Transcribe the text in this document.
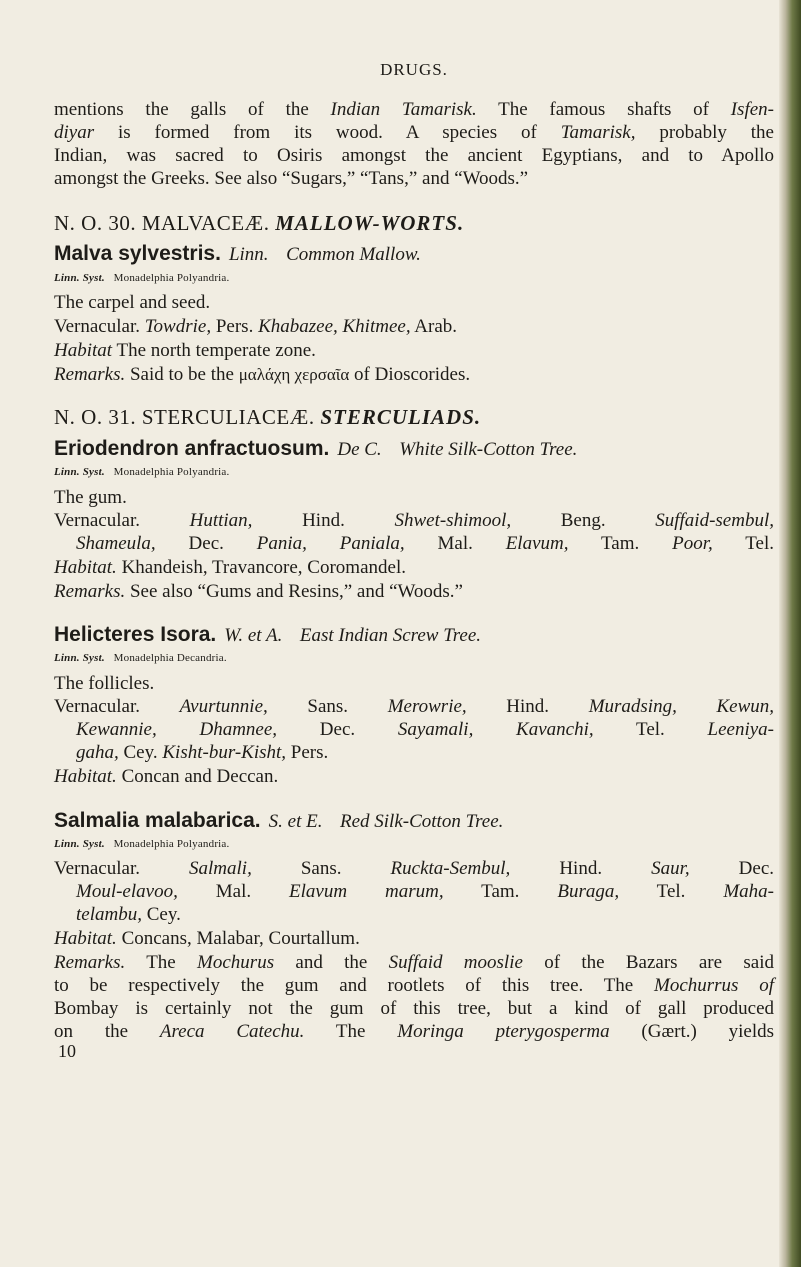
DRUGS.
mentions the galls of the Indian Tamarisk. The famous shafts of Isfen-
diyar is formed from its wood. A species of Tamarisk, probably the
Indian, was sacred to Osiris amongst the ancient Egyptians, and to Apollo
amongst the Greeks. See also “Sugars,” “Tans,” and “Woods.”
N. O. 30. MALVACEÆ. MALLOW-WORTS.
Malva sylvestris. Linn. Common Mallow.
Linn. Syst. Monadelphia Polyandria.
The carpel and seed.
Vernacular. Towdrie, Pers. Khabazee, Khitmee, Arab.
Habitat The north temperate zone.
Remarks. Said to be the μαλάχη χερσαῖα of Dioscorides.
N. O. 31. STERCULIACEÆ. STERCULIADS.
Eriodendron anfractuosum. De C. White Silk-Cotton Tree.
Linn. Syst. Monadelphia Polyandria.
The gum.
Vernacular. Huttian, Hind. Shwet-shimool, Beng. Suffaid-sembul,
Shameula, Dec. Pania, Paniala, Mal. Elavum, Tam. Poor, Tel.
Habitat. Khandeish, Travancore, Coromandel.
Remarks. See also “Gums and Resins,” and “Woods.”
Helicteres Isora. W. et A. East Indian Screw Tree.
Linn. Syst. Monadelphia Decandria.
The follicles.
Vernacular. Avurtunnie, Sans. Merowrie, Hind. Muradsing, Kewun,
Kewannie, Dhamnee, Dec. Sayamali, Kavanchi, Tel. Leeniya-
gaha, Cey. Kisht-bur-Kisht, Pers.
Habitat. Concan and Deccan.
Salmalia malabarica. S. et E. Red Silk-Cotton Tree.
Linn. Syst. Monadelphia Polyandria.
Vernacular. Salmali, Sans. Ruckta-Sembul, Hind. Saur, Dec.
Moul-elavoo, Mal. Elavum marum, Tam. Buraga, Tel. Maha-
telambu, Cey.
Habitat. Concans, Malabar, Courtallum.
Remarks. The Mochurus and the Suffaid mooslie of the Bazars are said
to be respectively the gum and rootlets of this tree. The Mochurrus of
Bombay is certainly not the gum of this tree, but a kind of gall produced
on the Areca Catechu. The Moringa pterygosperma (Gært.) yields
10
